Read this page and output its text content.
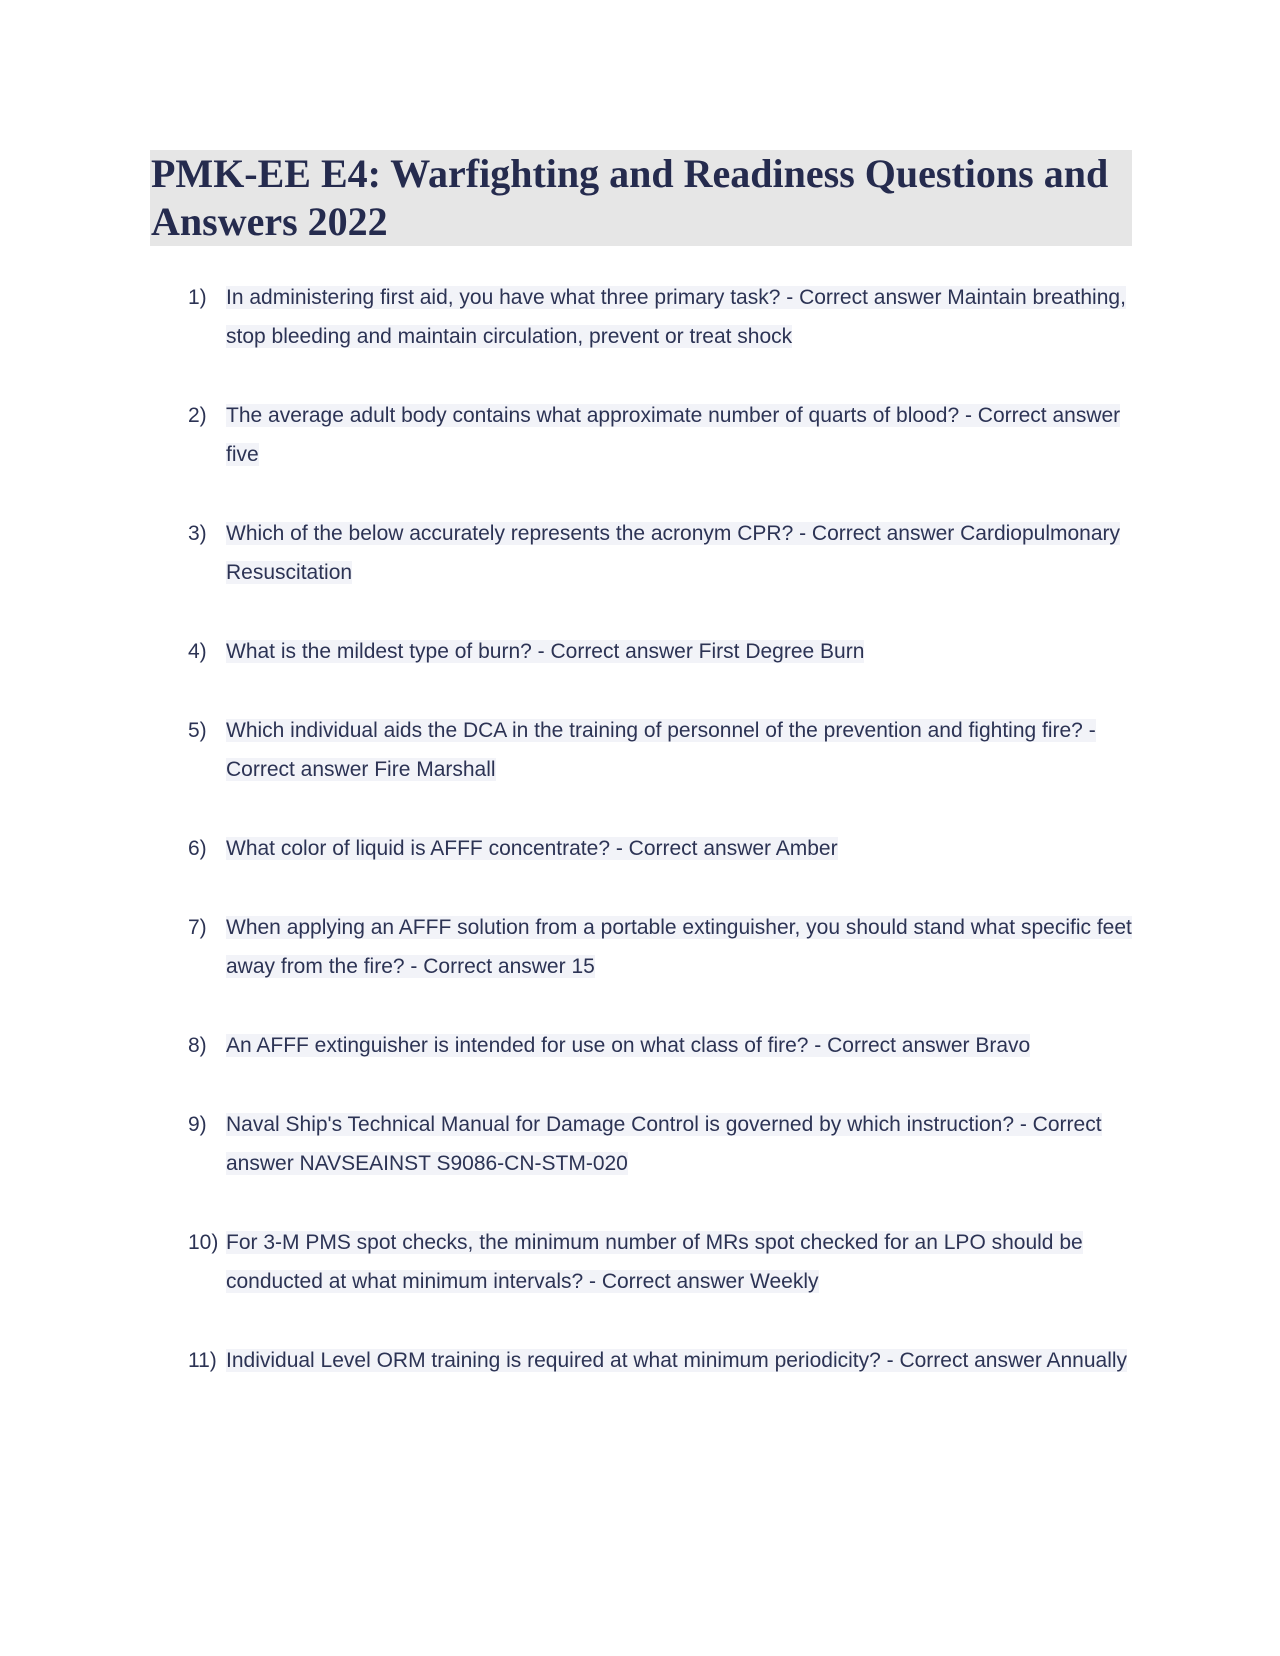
PMK-EE E4: Warfighting and Readiness Questions and Answers 2022
1) In administering first aid, you have what three primary task? - Correct answer Maintain breathing, stop bleeding and maintain circulation, prevent or treat shock
2) The average adult body contains what approximate number of quarts of blood? - Correct answer five
3) Which of the below accurately represents the acronym CPR? - Correct answer Cardiopulmonary Resuscitation
4) What is the mildest type of burn? - Correct answer First Degree Burn
5) Which individual aids the DCA in the training of personnel of the prevention and fighting fire? - Correct answer Fire Marshall
6) What color of liquid is AFFF concentrate? - Correct answer Amber
7) When applying an AFFF solution from a portable extinguisher, you should stand what specific feet away from the fire? - Correct answer 15
8) An AFFF extinguisher is intended for use on what class of fire? - Correct answer Bravo
9) Naval Ship's Technical Manual for Damage Control is governed by which instruction? - Correct answer NAVSEAINST S9086-CN-STM-020
10) For 3-M PMS spot checks, the minimum number of MRs spot checked for an LPO should be conducted at what minimum intervals? - Correct answer Weekly
11) Individual Level ORM training is required at what minimum periodicity? - Correct answer Annually
